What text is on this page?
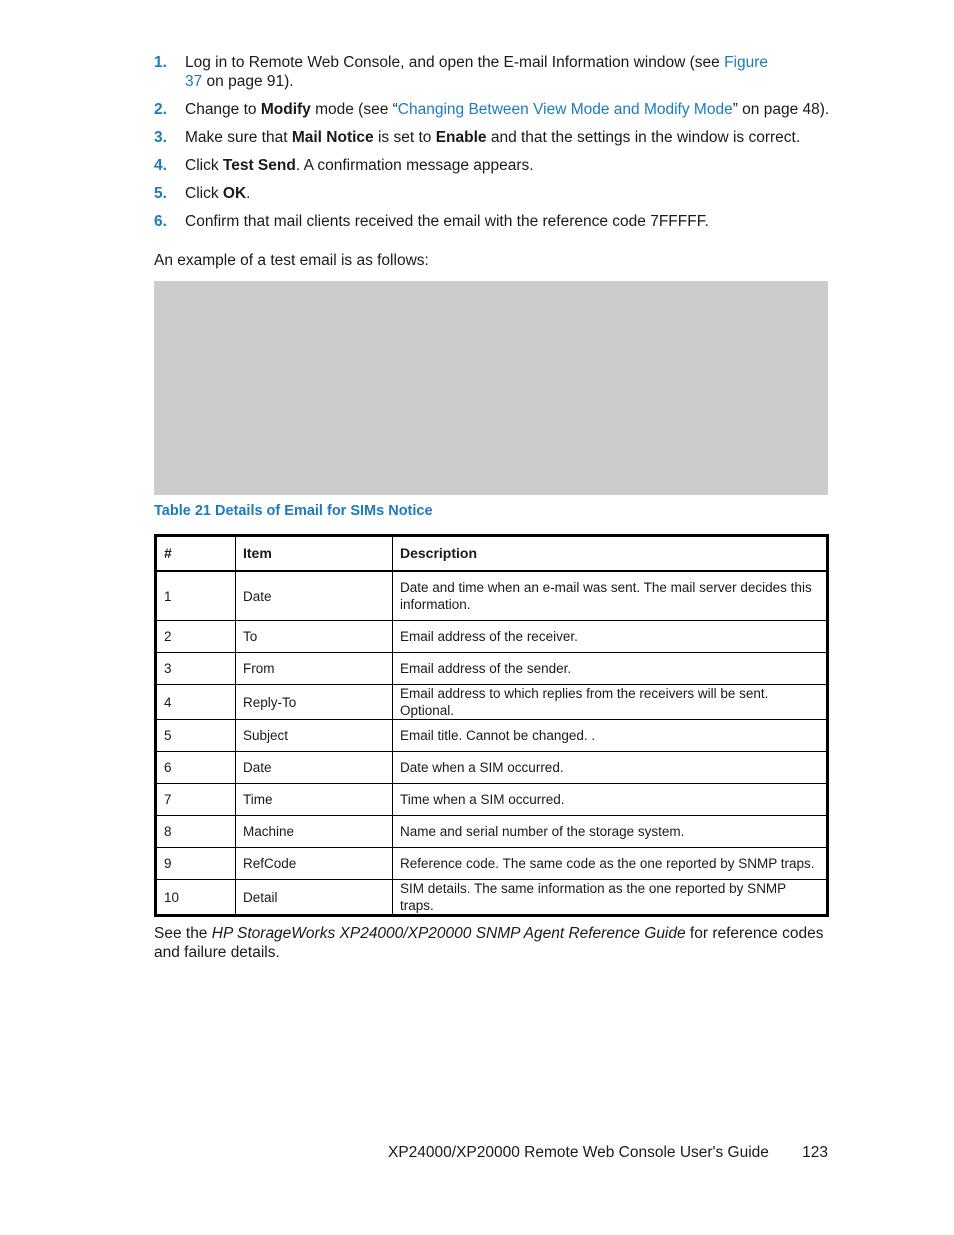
1. Log in to Remote Web Console, and open the E-mail Information window (see Figure
37 on page 91).
2. Change to Modify mode (see “Changing Between View Mode and Modify Mode” on page 48).
3. Make sure that Mail Notice is set to Enable and that the settings in the window is correct.
4. Click Test Send. A confirmation message appears.
5. Click OK.
6. Confirm that mail clients received the email with the reference code 7FFFFF.

An example of a test email is as follows:

Table 21 Details of Email for SIMs Notice

#	Item	Description
1	Date	Date and time when an e-mail was sent. The mail server decides this information.
2	To	Email address of the receiver.
3	From	Email address of the sender.
4	Reply-To	Email address to which replies from the receivers will be sent. Optional.
5	Subject	Email title. Cannot be changed. .
6	Date	Date when a SIM occurred.
7	Time	Time when a SIM occurred.
8	Machine	Name and serial number of the storage system.
9	RefCode	Reference code. The same code as the one reported by SNMP traps.
10	Detail	SIM details. The same information as the one reported by SNMP traps.

See the HP StorageWorks XP24000/XP20000 SNMP Agent Reference Guide for reference codes and failure details.

XP24000/XP20000 Remote Web Console User's Guide 123
